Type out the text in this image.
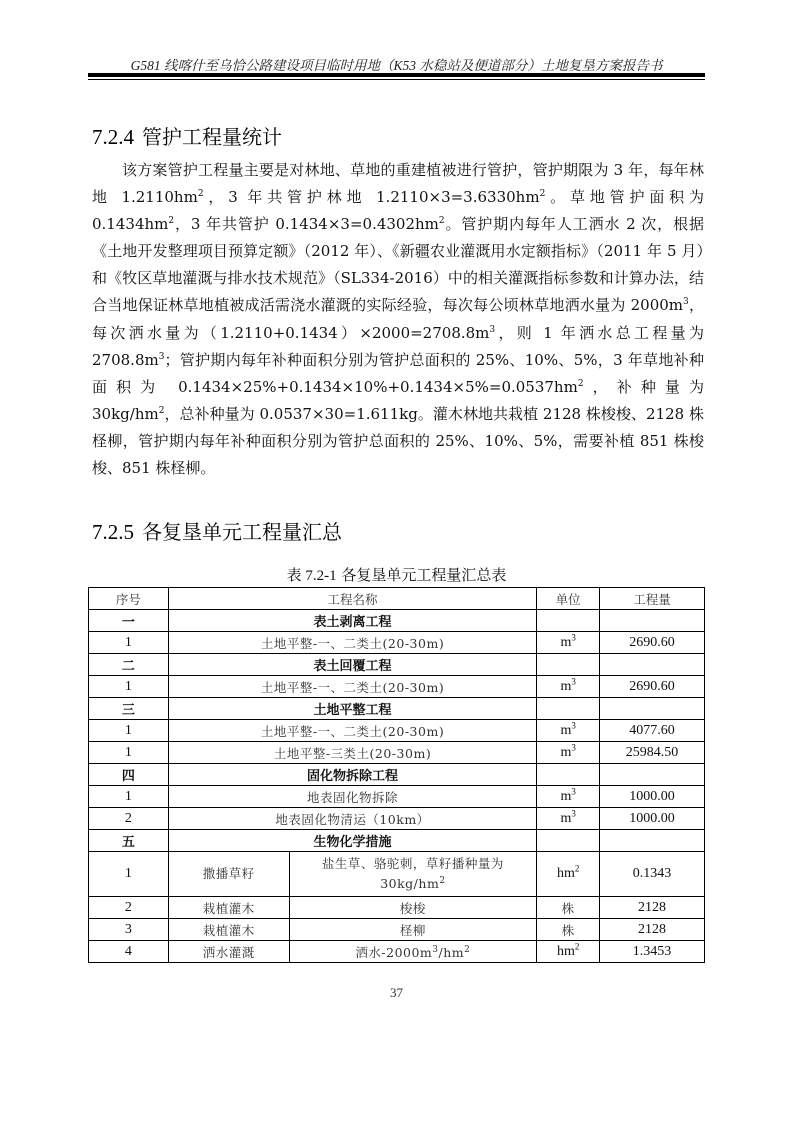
G581 线喀什至乌恰公路建设项目临时用地（K53 水稳站及便道部分）土地复垦方案报告书
7.2.4 管护工程量统计

该方案管护工程量主要是对林地、草地的重建植被进行管护，管护期限为 3 年，每年林地 $1.2110hm^2$，3 年共管护林地 $1.2110\times 3=3.6330hm^2$。草地管护面积为 $0.1434hm^2$，3 年共管护 $0.1434\times 3=0.4302hm^2$。管护期内每年人工洒水 2 次，根据《土地开发整理项目预算定额》（2012 年）、《新疆农业灌溉用水定额指标》（2011 年 5 月）和《牧区草地灌溉与排水技术规范》（SL334-2016）中的相关灌溉指标参数和计算办法，结合当地保证林草地植被成活需浇水灌溉的实际经验，每次每公顷林草地洒水量为 $2000m^3$，每次洒水量为$(1.2110+0.1434)\times 2000=2708.8m^3$，则 1 年洒水总工程量为 $2708.8m^3$；管护期内每年补种面积分别为管护总面积的 25%、10%、5%，3 年草地补种面积为 $0.1434\times 25\%+0.1434\times 10\%+0.1434\times 5\%=0.0537hm^2$，补种量为 $30kg/hm^2$，总补种量为 0.0537×30=1.611kg。灌木林地共栽植 2128 株梭梭、2128 株柽柳，管护期内每年补种面积分别为管护总面积的 25%、10%、5%，需要补植 851 株梭梭、851 株柽柳。

7.2.5 各复垦单元工程量汇总
表 7.2-1 各复垦单元工程量汇总表
序号	工程名称		单位	工程量
一	表土剥离工程			
1	土地平整-一、二类土(20-30m)		$m^3$	2690.60
二	表土回覆工程			
1	土地平整-一、二类土(20-30m)		$m^3$	2690.60
三	土地平整工程			
1	土地平整-一、二类土(20-30m)		$m^3$	4077.60
1	土地平整-三类土(20-30m)		$m^3$	25984.50
四	固化物拆除工程			
1	地表固化物拆除		$m^3$	1000.00
2	地表固化物清运（10km）		$m^3$	1000.00
五	生物化学措施			
1	撒播草籽	盐生草、骆驼刺，草籽播种量为
$30kg/hm^2$	$hm^2$	0.1343
2	栽植灌木	梭梭	株	2128
3	栽植灌木	柽柳	株	2128
4	洒水灌溉	洒水$-2000m^3/hm^2$	$hm^2$	1.3453
37
